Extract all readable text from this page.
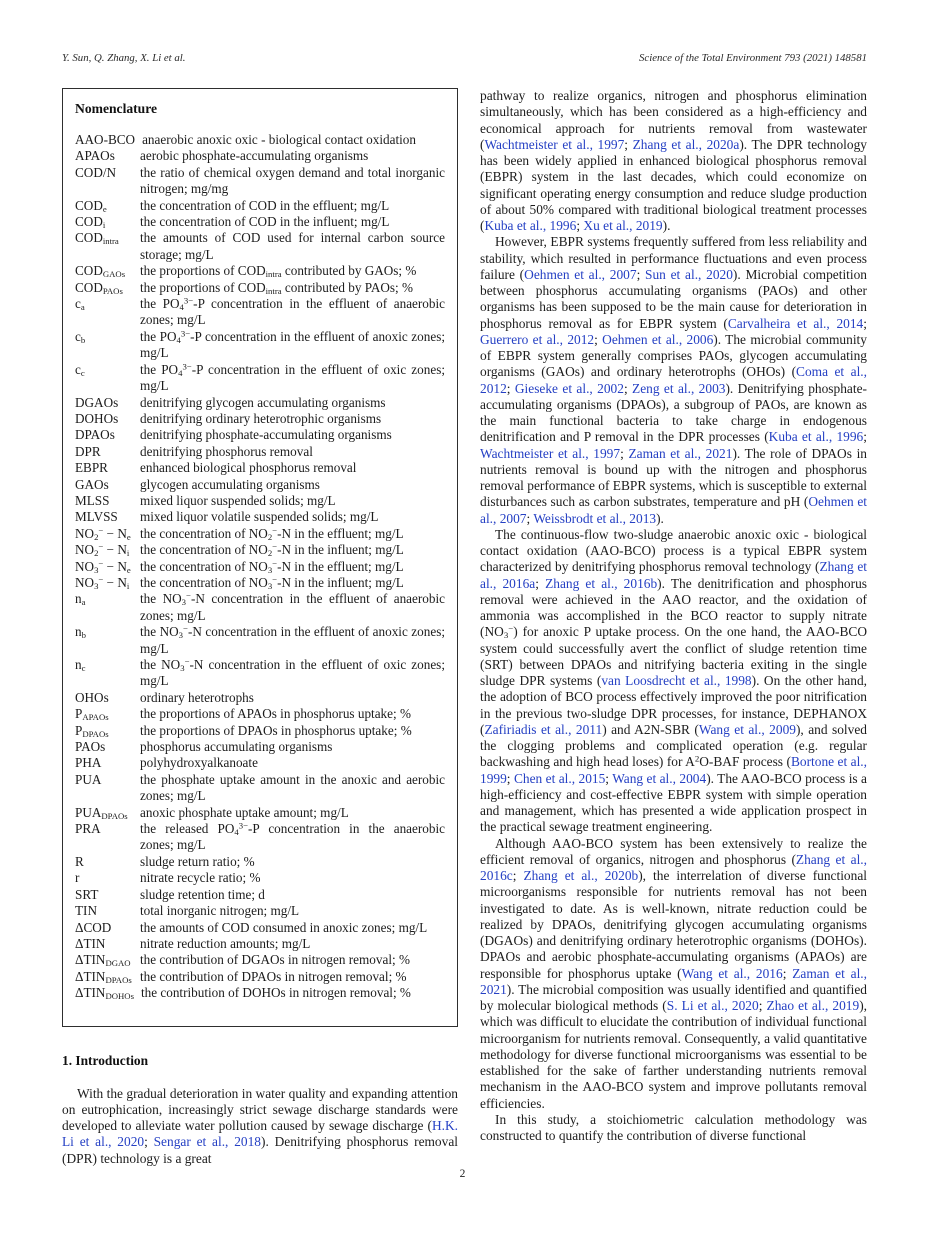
Y. Sun, Q. Zhang, X. Li et al.	Science of the Total Environment 793 (2021) 148581
Nomenclature
AAO-BCO anaerobic anoxic oxic - biological contact oxidation
APAOs	aerobic phosphate-accumulating organisms
COD/N	the ratio of chemical oxygen demand and total inorganic nitrogen; mg/mg
$COD_e$	the concentration of COD in the effluent; mg/L
$COD_i$	the concentration of COD in the influent; mg/L
$COD_{intra}$	the amounts of COD used for internal carbon source storage; mg/L
$COD_{GAOs}$	the proportions of $COD_{intra}$ contributed by GAOs; %
$COD_{PAOs}$	the proportions of $COD_{intra}$ contributed by PAOs; %
$c_a$	the $PO_4^{3-}-P$ concentration in the effluent of anaerobic zones; mg/L
$c_b$	the $PO_4^{3-}-P$ concentration in the effluent of anoxic zones; mg/L
$c_c$	the $PO_4^{3-}-P$ concentration in the effluent of oxic zones; mg/L
DGAOs	denitrifying glycogen accumulating organisms
DOHOs	denitrifying ordinary heterotrophic organisms
DPAOs	denitrifying phosphate-accumulating organisms
DPR	denitrifying phosphorus removal
EBPR	enhanced biological phosphorus removal
GAOs	glycogen accumulating organisms
MLSS	mixed liquor suspended solids; mg/L
MLVSS	mixed liquor volatile suspended solids; mg/L
$NO_2^- - N_e$ the concentration of $NO_2^--N$ in the effluent; mg/L
$NO_2^- - N_i$ the concentration of $NO_2^--N$ in the influent; mg/L
$NO_3^- - N_e$ the concentration of $NO_3^--N$ in the effluent; mg/L
$NO_3^- - N_i$ the concentration of $NO_3^--N$ in the influent; mg/L
$n_a$	the $NO_3^--N$ concentration in the effluent of anaerobic zones; mg/L
$n_b$	the $NO_3^--N$ concentration in the effluent of anoxic zones; mg/L
$n_c$	the $NO_3^--N$ concentration in the effluent of oxic zones; mg/L
OHOs	ordinary heterotrophs
$P_{APAOs}$	the proportions of APAOs in phosphorus uptake; %
$P_{DPAOs}$	the proportions of DPAOs in phosphorus uptake; %
PAOs	phosphorus accumulating organisms
PHA	polyhydroxyalkanoate
PUA	the phosphate uptake amount in the anoxic and aerobic zones; mg/L
$PUA_{DPAOs}$ anoxic phosphate uptake amount; mg/L
PRA	the released $PO_4^{3-}-P$ concentration in the anaerobic zones; mg/L
R	sludge return ratio; %
r	nitrate recycle ratio; %
SRT	sludge retention time; d
TIN	total inorganic nitrogen; mg/L
ΔCOD	the amounts of COD consumed in anoxic zones; mg/L
ΔTIN	nitrate reduction amounts; mg/L
$\Delta TIN_{DGAO}$ the contribution of DGAOs in nitrogen removal; %
$\Delta TIN_{DPAOs}$ the contribution of DPAOs in nitrogen removal; %
$\Delta TIN_{DOHOs}$ the contribution of DOHOs in nitrogen removal; %
1. Introduction

With the gradual deterioration in water quality and expanding attention on eutrophication, increasingly strict sewage discharge standards were developed to alleviate water pollution caused by sewage discharge (H.K. Li et al., 2020; Sengar et al., 2018). Denitrifying phosphorus removal (DPR) technology is a great

pathway to realize organics, nitrogen and phosphorus elimination simultaneously, which has been considered as a high-efficiency and economical approach for nutrients removal from wastewater (Wachtmeister et al., 1997; Zhang et al., 2020a). The DPR technology has been widely applied in enhanced biological phosphorus removal (EBPR) system in the last decades, which could economize on significant operating energy consumption and reduce sludge production of about 50% compared with traditional biological treatment processes (Kuba et al., 1996; Xu et al., 2019).

However, EBPR systems frequently suffered from less reliability and stability, which resulted in performance fluctuations and even process failure (Oehmen et al., 2007; Sun et al., 2020). Microbial competition between phosphorus accumulating organisms (PAOs) and other organisms has been supposed to be the main cause for deterioration in phosphorus removal as for EBPR system (Carvalheira et al., 2014; Guerrero et al., 2012; Oehmen et al., 2006). The microbial community of EBPR system generally comprises PAOs, glycogen accumulating organisms (GAOs) and ordinary heterotrophs (OHOs) (Coma et al., 2012; Gieseke et al., 2002; Zeng et al., 2003). Denitrifying phosphate-accumulating organisms (DPAOs), a subgroup of PAOs, are known as the main functional bacteria to take charge in endogenous denitrification and P removal in the DPR processes (Kuba et al., 1996; Wachtmeister et al., 1997; Zaman et al., 2021). The role of DPAOs in nutrients removal is bound up with the nitrogen and phosphorus removal performance of EBPR systems, which is susceptible to external disturbances such as carbon substrates, temperature and pH (Oehmen et al., 2007; Weissbrodt et al., 2013).

The continuous-flow two-sludge anaerobic anoxic oxic - biological contact oxidation (AAO-BCO) process is a typical EBPR system characterized by denitrifying phosphorus removal technology (Zhang et al., 2016a; Zhang et al., 2016b). The denitrification and phosphorus removal were achieved in the AAO reactor, and the oxidation of ammonia was accomplished in the BCO reactor to supply nitrate $(NO_3^-)$ for anoxic P uptake process. On the one hand, the AAO-BCO system could successfully avert the conflict of sludge retention time (SRT) between DPAOs and nitrifying bacteria exiting in the single sludge DPR systems (van Loosdrecht et al., 1998). On the other hand, the adoption of BCO process effectively improved the poor nitrification in the previous two-sludge DPR processes, for instance, DEPHANOX (Zafiriadis et al., 2011) and A2N-SBR (Wang et al., 2009), and solved the clogging problems and complicated operation (e.g. regular backwashing and high head loses) for $A^2O$-BAF process (Bortone et al., 1999; Chen et al., 2015; Wang et al., 2004). The AAO-BCO process is a high-efficiency and cost-effective EBPR system with simple operation and management, which has presented a wide application prospect in the practical sewage treatment engineering.

Although AAO-BCO system has been extensively to realize the efficient removal of organics, nitrogen and phosphorus (Zhang et al., 2016c; Zhang et al., 2020b), the interrelation of diverse functional microorganisms responsible for nutrients removal has not been investigated to date. As is well-known, nitrate reduction could be realized by DPAOs, denitrifying glycogen accumulating organisms (DGAOs) and denitrifying ordinary heterotrophic organisms (DOHOs). DPAOs and aerobic phosphate-accumulating organisms (APAOs) are responsible for phosphorus uptake (Wang et al., 2016; Zaman et al., 2021). The microbial composition was usually identified and quantified by molecular biological methods (S. Li et al., 2020; Zhao et al., 2019), which was difficult to elucidate the contribution of individual functional microorganism for nutrients removal. Consequently, a valid quantitative methodology for diverse functional microorganisms was essential to be established for the sake of farther understanding nutrients removal mechanism in the AAO-BCO system and improve pollutants removal efficiencies.

In this study, a stoichiometric calculation methodology was constructed to quantify the contribution of diverse functional

2
